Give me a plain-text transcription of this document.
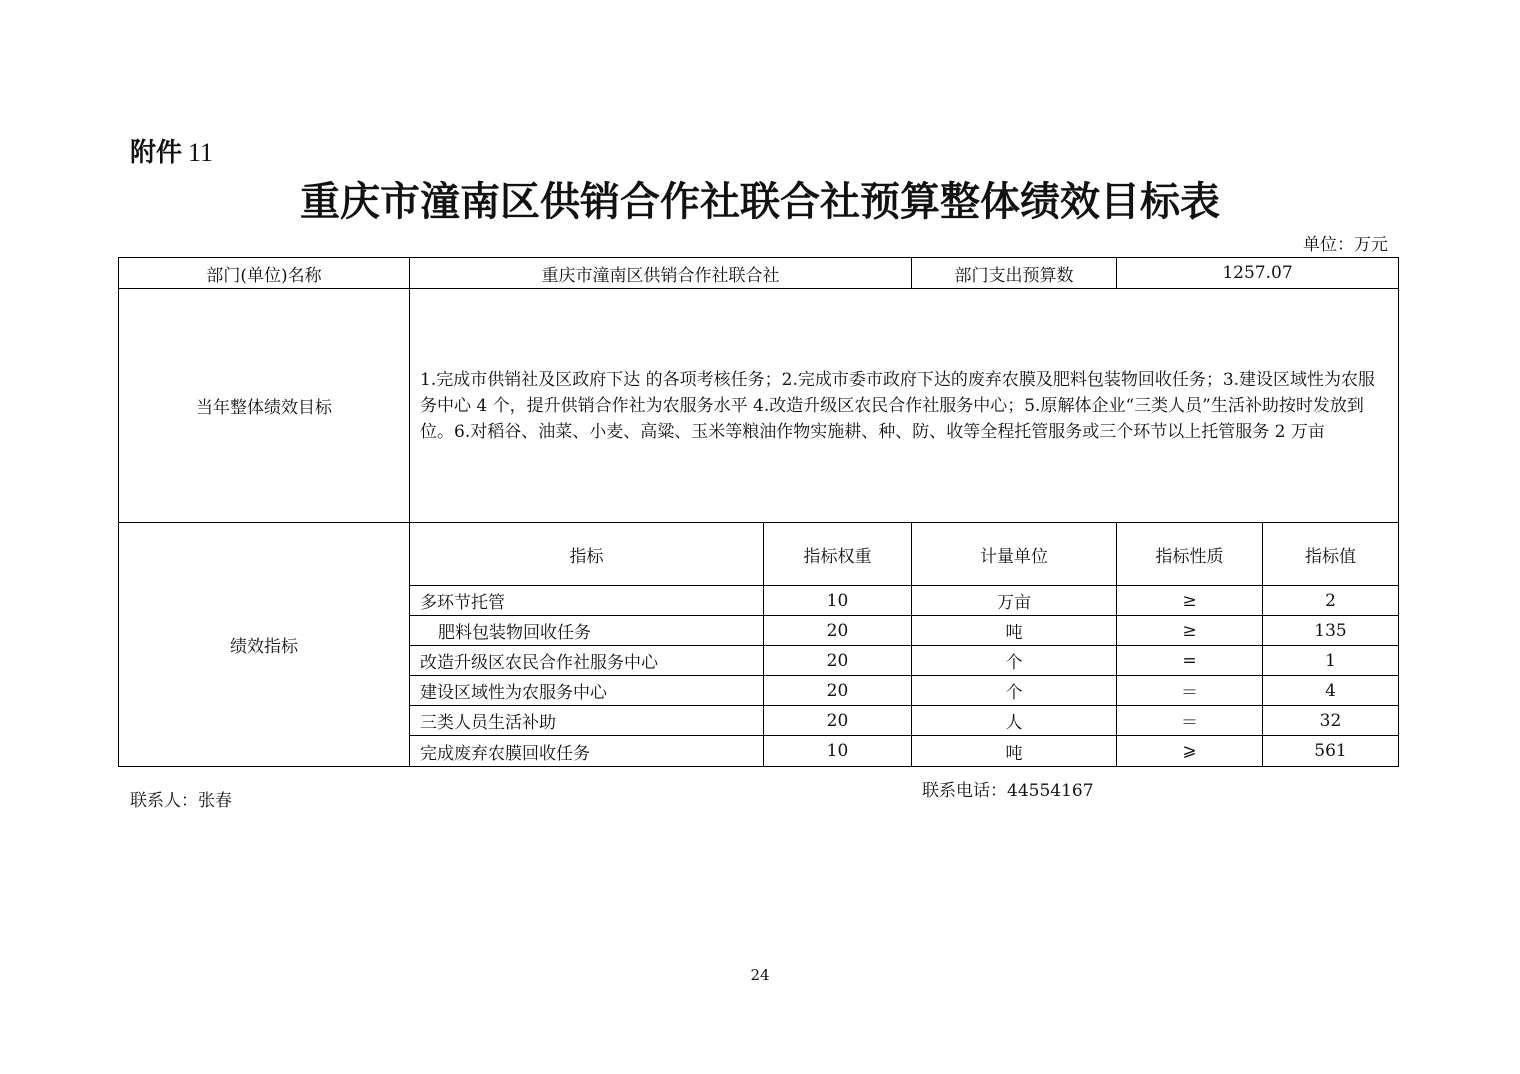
附件 11
重庆市潼南区供销合作社联合社预算整体绩效目标表
单位：万元
部门(单位)名称	重庆市潼南区供销合作社联合社		部门支出预算数	1257.07	
当年整体绩效目标	1.完成市供销社及区政府下达 的各项考核任务；2.完成市委市政府下达的废弃农膜及肥料包装物回收任务；3.建设区域性为农服务中心 4 个，提升供销合作社为农服务水平 4.改造升级区农民合作社服务中心；5.原解体企业“三类人员”生活补助按时发放到位。6.对稻谷、油菜、小麦、高粱、玉米等粮油作物实施耕、种、防、收等全程托管服务或三个环节以上托管服务 2 万亩				
绩效指标	指标	指标权重	计量单位	指标性质	指标值
	多环节托管	10	万亩	≥	2
	肥料包装物回收任务	20	吨	≥	135
	改造升级区农民合作社服务中心	20	个	=	1
	建设区域性为农服务中心	20	个	＝	4
	三类人员生活补助	20	人	＝	32
	完成废弃农膜回收任务	10	吨	⩾	561
联系人：张春	联系电话：44554167
24
